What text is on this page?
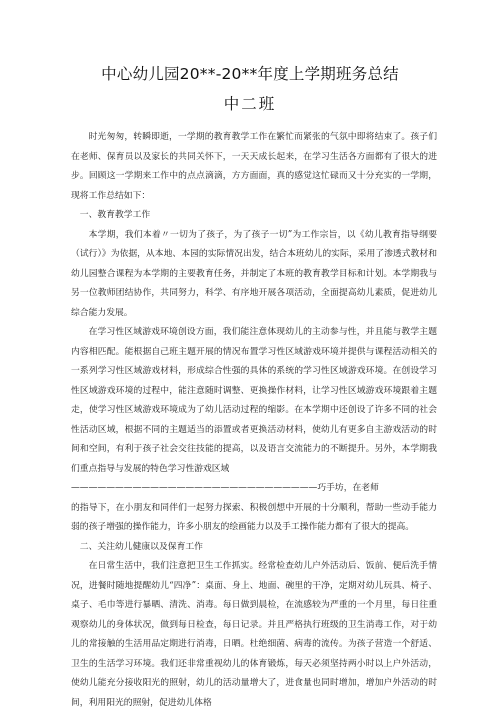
中心幼儿园20**-20**年度上学期班务总结
中二班

时光匆匆，转瞬即逝，一学期的教育教学工作在繁忙而紧张的气氛中即将结束了。孩子们在老师、保育员以及家长的共同关怀下，一天天成长起来，在学习生活各方面都有了很大的进步。回顾这一学期来工作中的点点滴滴，方方面面，真的感觉这忙碌而又十分充实的一学期，现将工作总结如下：

一、教育教学工作

本学期，我们本着〃一切为了孩子，为了孩子一切”为工作宗旨，以《幼儿教育指导纲要（试行）》为依据，从本地、本园的实际情况出发，结合本班幼儿的实际，采用了渗透式教材和幼儿园整合课程为本学期的主要教育任务，并制定了本班的教育教学目标和计划。本学期我与另一位教师团结协作，共同努力，科学、有序地开展各项活动，全面提高幼儿素质，促进幼儿综合能力发展。

在学习性区域游戏环境创设方面，我们能注意体现幼儿的主动参与性，并且能与教学主题内容相匹配。能根据自己班主题开展的情况布置学习性区域游戏环境并提供与课程活动相关的一系列学习性区域游戏材料，形成综合性强的具体的系统的学习性区域游戏环境。在创设学习性区域游戏环境的过程中，能注意随时调整、更换操作材料，让学习性区域游戏环境跟着主题走，使学习性区域游戏环境成为了幼儿活动过程的缩影。在本学期中还创设了许多不同的社会性活动区域，根据不同的主题适当的添置或者更换活动材料，使幼儿有更多自主游戏活动的时间和空间，有利于孩子社会交往技能的提高，以及语言交流能力的不断提升。另外，本学期我们重点指导与发展的特色学习性游戏区域

————————————————————————————巧手坊，在老师

的指导下，在小朋友和同伴们一起努力探索、积极创想中开展的十分顺利，帮助一些动手能力弱的孩子增强的操作能力，许多小朋友的绘画能力以及手工操作能力都有了很大的提高。

二、关注幼儿健康以及保育工作

在日常生活中，我们注意把卫生工作抓实。经常检查幼儿户外活动后、饭前、便后洗手情况，进餐时随地提醒幼儿“四净”：桌面、身上、地面、碗里的干净，定期对幼儿玩具、椅子、桌子、毛巾等进行暴晒、清洗、消毒。每日做到晨检，在流感较为严重的一个月里，每日往重观察幼儿的身体状况，做到每日检查，每日记录。并且严格执行班级的卫生消毒工作，对于幼儿的常接触的生活用品定期进行消毒，日晒。杜绝细菌、病毒的流传。为孩子营造一个舒适、卫生的生活学习环境。我们还非常重视幼儿的体育锻炼，每天必须坚持两小时以上户外活动，使幼儿能充分接收阳光的照射，幼儿的活动量增大了，进食量也同时增加，增加户外活动的时间，利用阳光的照射，促进幼儿体格
